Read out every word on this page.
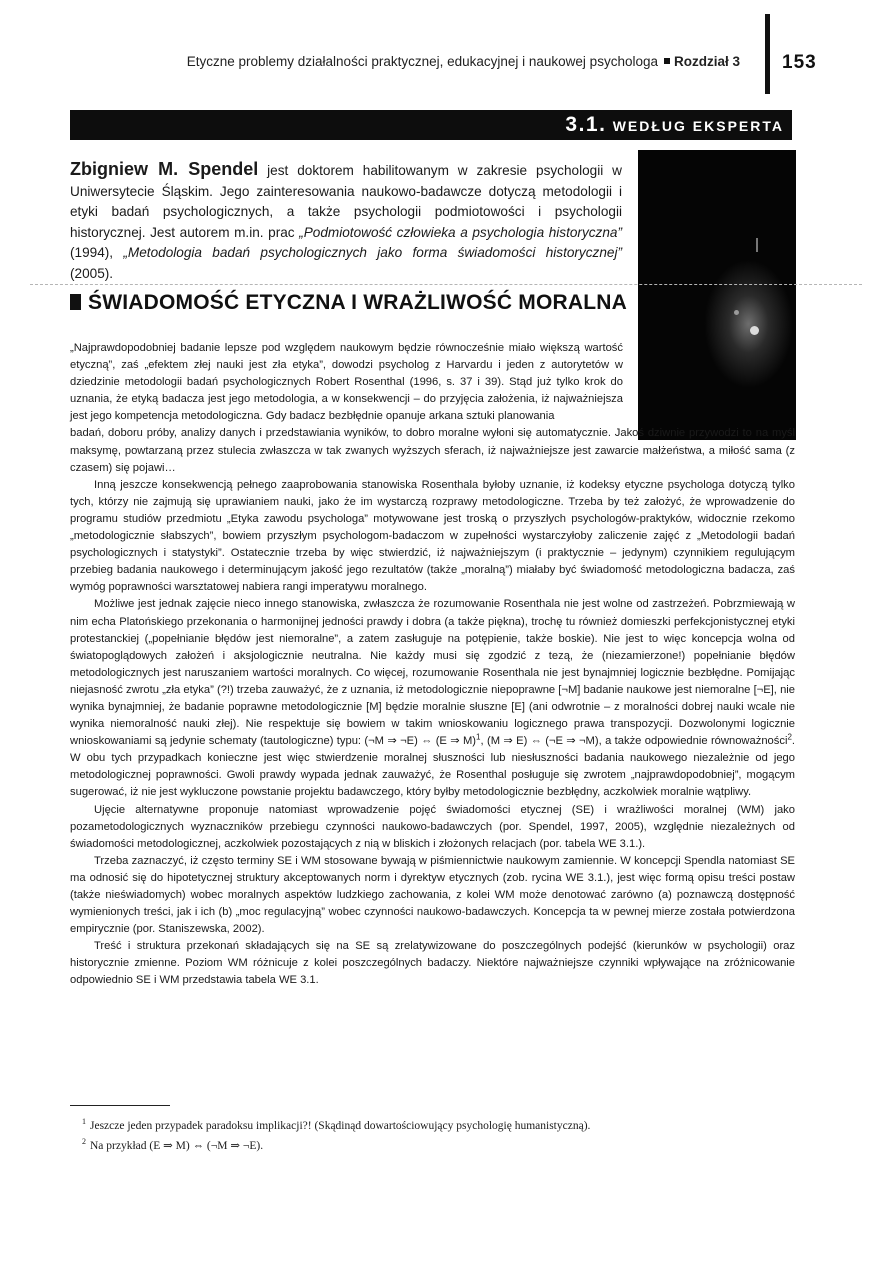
Etyczne problemy działalności praktycznej, edukacyjnej i naukowej psychologa Rozdział 3 153
3.1. WEDŁUG EKSPERTA
Zbigniew M. Spendel jest doktorem habilitowanym w zakresie psychologii w Uniwersytecie Śląskim. Jego zainteresowania naukowo-badawcze dotyczą metodologii i etyki badań psychologicznych, a także psychologii podmiotowości i psychologii historycznej. Jest autorem m.in. prac „Podmiotowość człowieka a psychologia historyczna” (1994), „Metodologia badań psychologicznych jako forma świadomości historycznej” (2005).
ŚWIADOMOŚĆ ETYCZNA I WRAŻLIWOŚĆ MORALNA

„Najprawdopodobniej badanie lepsze pod względem naukowym będzie równocześnie miało większą wartość etyczną”, zaś „efektem złej nauki jest zła etyka”, dowodzi psycholog z Harvardu i jeden z autorytetów w dziedzinie metodologii badań psychologicznych Robert Rosenthal (1996, s. 37 i 39). Stąd już tylko krok do uznania, że etyką badacza jest jego metodologia, a w konsekwencji – do przyjęcia założenia, iż najważniejsza jest jego kompetencja metodologiczna. Gdy badacz bezbłędnie opanuje arkana sztuki planowania

badań, doboru próby, analizy danych i przedstawiania wyników, to dobro moralne wyłoni się automatycznie. Jakoś dziwnie przywodzi to na myśl maksymę, powtarzaną przez stulecia zwłaszcza w tak zwanych wyższych sferach, iż najważniejsze jest zawarcie małżeństwa, a miłość sama (z czasem) się pojawi…

Inną jeszcze konsekwencją pełnego zaaprobowania stanowiska Rosenthala byłoby uznanie, iż kodeksy etyczne psychologa dotyczą tylko tych, którzy nie zajmują się uprawianiem nauki, jako że im wystarczą rozprawy metodologiczne. Trzeba by też założyć, że wprowadzenie do programu studiów przedmiotu „Etyka zawodu psychologa” motywowane jest troską o przyszłych psychologów-praktyków, widocznie rzekomo „metodologicznie słabszych”, bowiem przyszłym psychologom-badaczom w zupełności wystarczyłoby zaliczenie zajęć z „Metodologii badań psychologicznych i statystyki”. Ostatecznie trzeba by więc stwierdzić, iż najważniejszym (i praktycznie – jedynym) czynnikiem regulującym przebieg badania naukowego i determinującym jakość jego rezultatów (także „moralną”) miałaby być świadomość metodologiczna badacza, zaś wymóg poprawności warsztatowej nabiera rangi imperatywu moralnego.

Możliwe jest jednak zajęcie nieco innego stanowiska, zwłaszcza że rozumowanie Rosenthala nie jest wolne od zastrzeżeń. Pobrzmiewają w nim echa Platońskiego przekonania o harmonijnej jedności prawdy i dobra (a także piękna), trochę tu również domieszki perfekcjonistycznej etyki protestanckiej („popełnianie błędów jest niemoralne”, a zatem zasługuje na potępienie, także boskie). Nie jest to więc koncepcja wolna od światopoglądowych założeń i aksjologicznie neutralna. Nie każdy musi się zgodzić z tezą, że (niezamierzone!) popełnianie błędów metodologicznych jest naruszaniem wartości moralnych. Co więcej, rozumowanie Rosenthala nie jest bynajmniej logicznie bezbłędne. Pomijając niejasność zwrotu „zła etyka” (?!) trzeba zauważyć, że z uznania, iż metodologicznie niepoprawne [¬M] badanie naukowe jest niemoralne [¬E], nie wynika bynajmniej, że badanie poprawne metodologicznie [M] będzie moralnie słuszne [E] (ani odwrotnie – z moralności dobrej nauki wcale nie wynika niemoralność nauki złej). Nie respektuje się bowiem w takim wnioskowaniu logicznego prawa transpozycji. Dozwolonymi logicznie wnioskowaniami są jedynie schematy (tautologiczne) typu: (¬M ⇒ ¬E) ⇔ (E ⇒ M)$^1$, (M ⇒ E) ⇔ (¬E ⇒ ¬M), a także odpowiednie równoważności$^2$. W obu tych przypadkach konieczne jest więc stwierdzenie moralnej słuszności lub niesłuszności badania naukowego niezależnie od jego metodologicznej poprawności. Gwoli prawdy wypada jednak zauważyć, że Rosenthal posługuje się zwrotem „najprawdopodobniej”, mogącym sugerować, iż nie jest wykluczone powstanie projektu badawczego, który byłby metodologicznie bezbłędny, aczkolwiek moralnie wątpliwy.

Ujęcie alternatywne proponuje natomiast wprowadzenie pojęć świadomości etycznej (SE) i wrażliwości moralnej (WM) jako pozametodologicznych wyznaczników przebiegu czynności naukowo-badawczych (por. Spendel, 1997, 2005), względnie niezależnych od świadomości metodologicznej, aczkolwiek pozostających z nią w bliskich i złożonych relacjach (por. tabela WE 3.1.).

Trzeba zaznaczyć, iż często terminy SE i WM stosowane bywają w piśmiennictwie naukowym zamiennie. W koncepcji Spendla natomiast SE ma odnosić się do hipotetycznej struktury akceptowanych norm i dyrektyw etycznych (zob. rycina WE 3.1.), jest więc formą opisu treści postaw (także nieświadomych) wobec moralnych aspektów ludzkiego zachowania, z kolei WM może denotować zarówno (a) poznawczą dostępność wymienionych treści, jak i ich (b) „moc regulacyjną” wobec czynności naukowo-badawczych. Koncepcja ta w pewnej mierze została potwierdzona empirycznie (por. Staniszewska, 2002).

Treść i struktura przekonań składających się na SE są zrelatywizowane do poszczególnych podejść (kierunków w psychologii) oraz historycznie zmienne. Poziom WM różnicuje z kolei poszczególnych badaczy. Niektóre najważniejsze czynniki wpływające na zróżnicowanie odpowiednio SE i WM przedstawia tabela WE 3.1.

$^1$ Jeszcze jeden przypadek paradoksu implikacji?! (Skądinąd dowartościowujący psychologię humanistyczną).
$^2$ Na przykład (E ⇒ M) ⇔ (¬M ⇒ ¬E).
